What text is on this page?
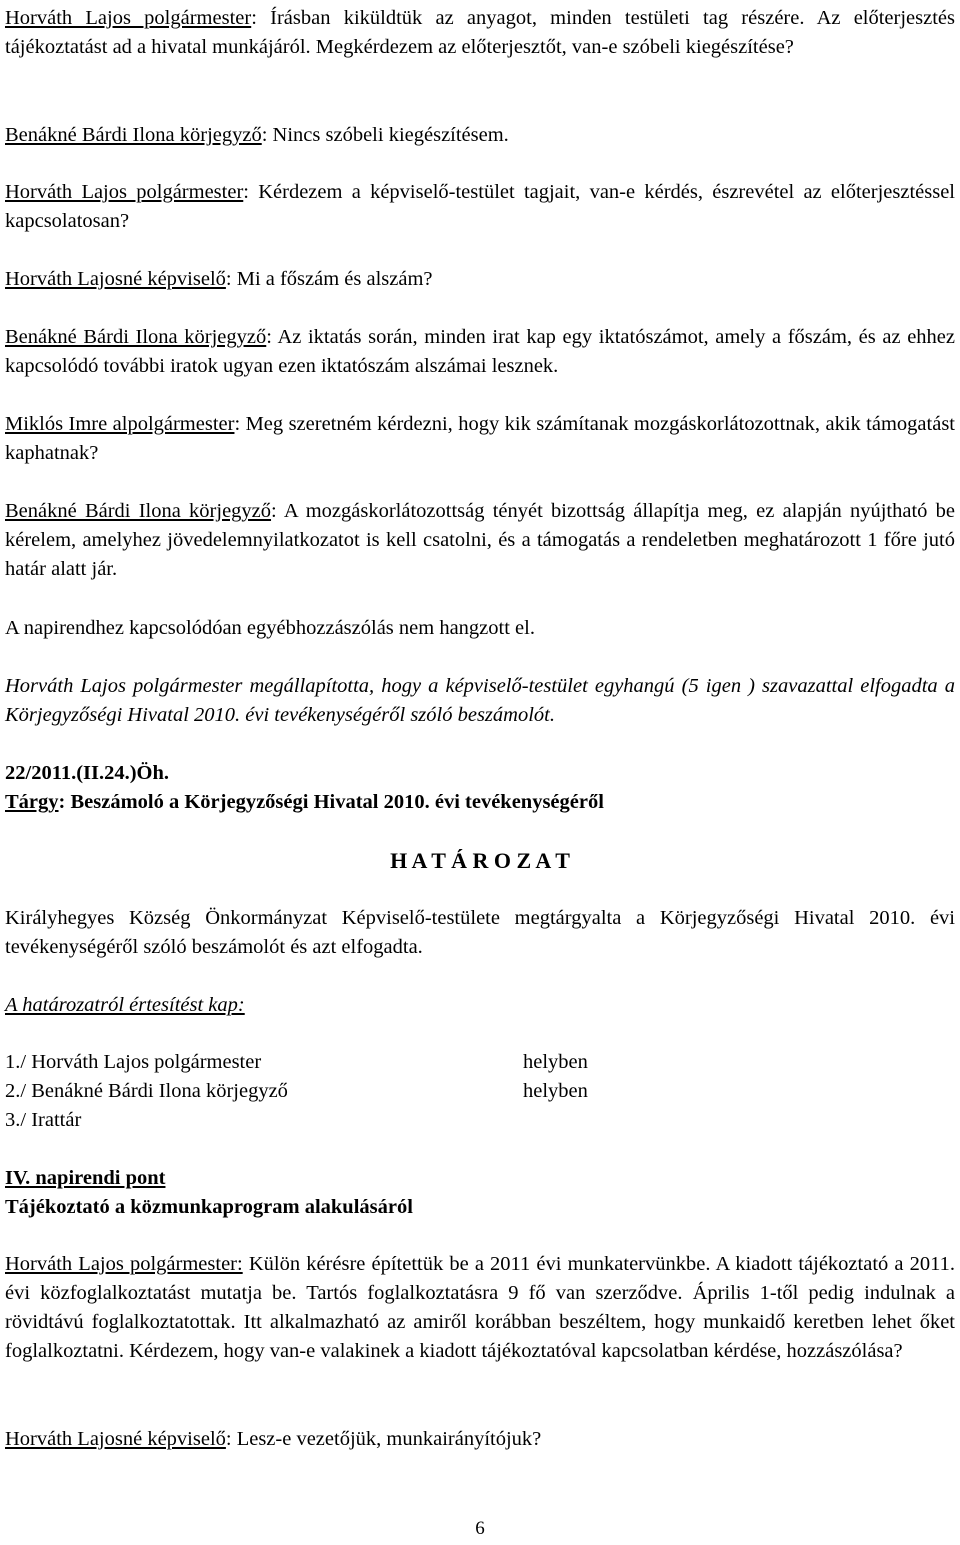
Horváth Lajos polgármester: Írásban kiküldtük az anyagot, minden testületi tag részére. Az előterjesztés tájékoztatást ad a hivatal munkájáról. Megkérdezem az előterjesztőt, van-e szóbeli kiegészítése?

Benákné Bárdi Ilona körjegyző: Nincs szóbeli kiegészítésem.

Horváth Lajos polgármester: Kérdezem a képviselő-testület tagjait, van-e kérdés, észrevétel az előterjesztéssel kapcsolatosan?

Horváth Lajosné képviselő: Mi a főszám és alszám?

Benákné Bárdi Ilona körjegyző: Az iktatás során, minden irat kap egy iktatószámot, amely a főszám, és az ehhez kapcsolódó további iratok ugyan ezen iktatószám alszámai lesznek.

Miklós Imre alpolgármester: Meg szeretném kérdezni, hogy kik számítanak mozgáskorlátozottnak, akik támogatást kaphatnak?

Benákné Bárdi Ilona körjegyző: A mozgáskorlátozottság tényét bizottság állapítja meg, ez alapján nyújtható be kérelem, amelyhez jövedelemnyilatkozatot is kell csatolni, és a támogatás a rendeletben meghatározott 1 főre jutó határ alatt jár.

A napirendhez kapcsolódóan egyébhozzászólás nem hangzott el.

Horváth Lajos polgármester megállapította, hogy a képviselő-testület egyhangú (5 igen ) szavazattal elfogadta a Körjegyzőségi Hivatal 2010. évi tevékenységéről szóló beszámolót.

22/2011.(II.24.)Öh.

Tárgy: Beszámoló a Körjegyzőségi Hivatal 2010. évi tevékenységéről

H A T Á R O Z A T

Királyhegyes Község Önkormányzat Képviselő-testülete megtárgyalta a Körjegyzőségi Hivatal 2010. évi tevékenységéről szóló beszámolót és azt elfogadta.

A határozatról értesítést kap:

1./ Horváth Lajos polgármester	helyben
2./ Benákné Bárdi Ilona körjegyző	helyben
3./ Irattár

IV. napirendi pont

Tájékoztató a közmunkaprogram alakulásáról

Horváth Lajos polgármester: Külön kérésre építettük be a 2011 évi munkatervünkbe. A kiadott tájékoztató a 2011. évi közfoglalkoztatást mutatja be. Tartós foglalkoztatásra 9 fő van szerződve. Április 1-től pedig indulnak a rövidtávú foglalkoztatottak. Itt alkalmazható az amiről korábban beszéltem, hogy munkaidő keretben lehet őket foglalkoztatni. Kérdezem, hogy van-e valakinek a kiadott tájékoztatóval kapcsolatban kérdése, hozzászólása?

Horváth Lajosné képviselő: Lesz-e vezetőjük, munkairányítójuk?

6
